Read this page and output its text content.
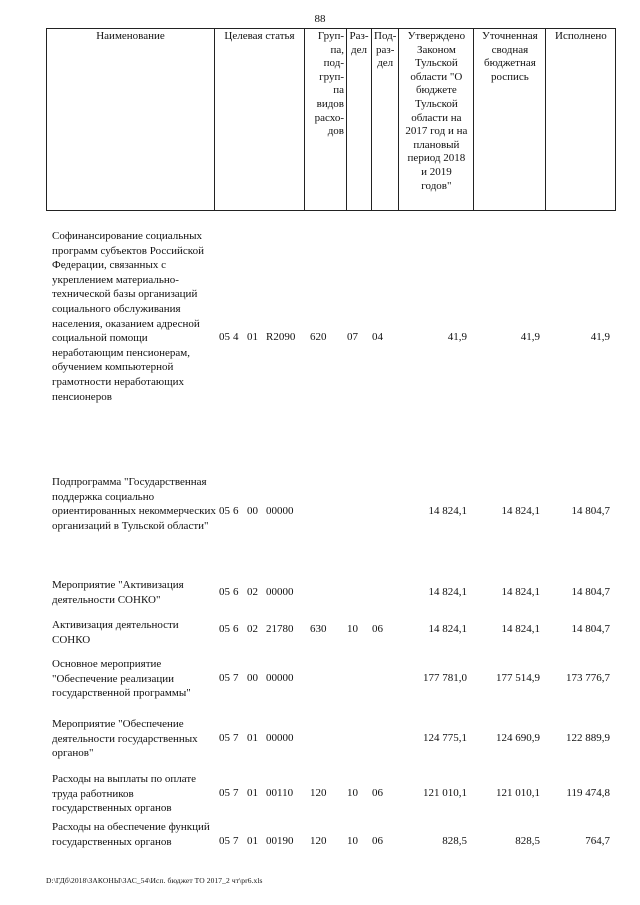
88
Наименование	Целевая статья	Груп-
па,
под-
груп-
па
видов
расхо-
дов	Раз-
дел	Под-
раз-
дел	Утверждено
Законом
Тульской
области "О
бюджете
Тульской
области на
2017 год и на
плановый
период 2018
и 2019
годов"	Уточненная
сводная
бюджетная
роспись	Исполнено
Софинансирование социальных программ субъектов Российской Федерации, связанных с укреплением материально-технической базы организаций социального обслуживания населения, оказанием адресной социальной помощи неработающим пенсионерам, обучением компьютерной грамотности неработающих пенсионеров
05 4 01 R2090 620 07 04	41,9	41,9	41,9
Подпрограмма "Государственная поддержка социально ориентированных некоммерческих организаций в Тульской области"
05 6 00 00000	14 824,1	14 824,1	14 804,7
Мероприятие "Активизация деятельности СОНКО"
05 6 02 00000	14 824,1	14 824,1	14 804,7
Активизация деятельности СОНКО
05 6 02 21780 630 10 06	14 824,1	14 824,1	14 804,7
Основное мероприятие "Обеспечение реализации государственной программы"
05 7 00 00000	177 781,0	177 514,9 173 776,7
Мероприятие "Обеспечение деятельности государственных органов"
05 7 01 00000	124 775,1	124 690,9 122 889,9
Расходы на выплаты по оплате труда работников государственных органов
05 7 01 00110 120 10 06	121 010,1	121 010,1 119 474,8
Расходы на обеспечение функций государственных органов	05 7 01 00190 120 10 06	828,5	828,5	764,7
D:\ГДб\2018\ЗАКОНЫ\ЗАС_54\Исп. бюджет ТО 2017_2 чт\рr6.xls
